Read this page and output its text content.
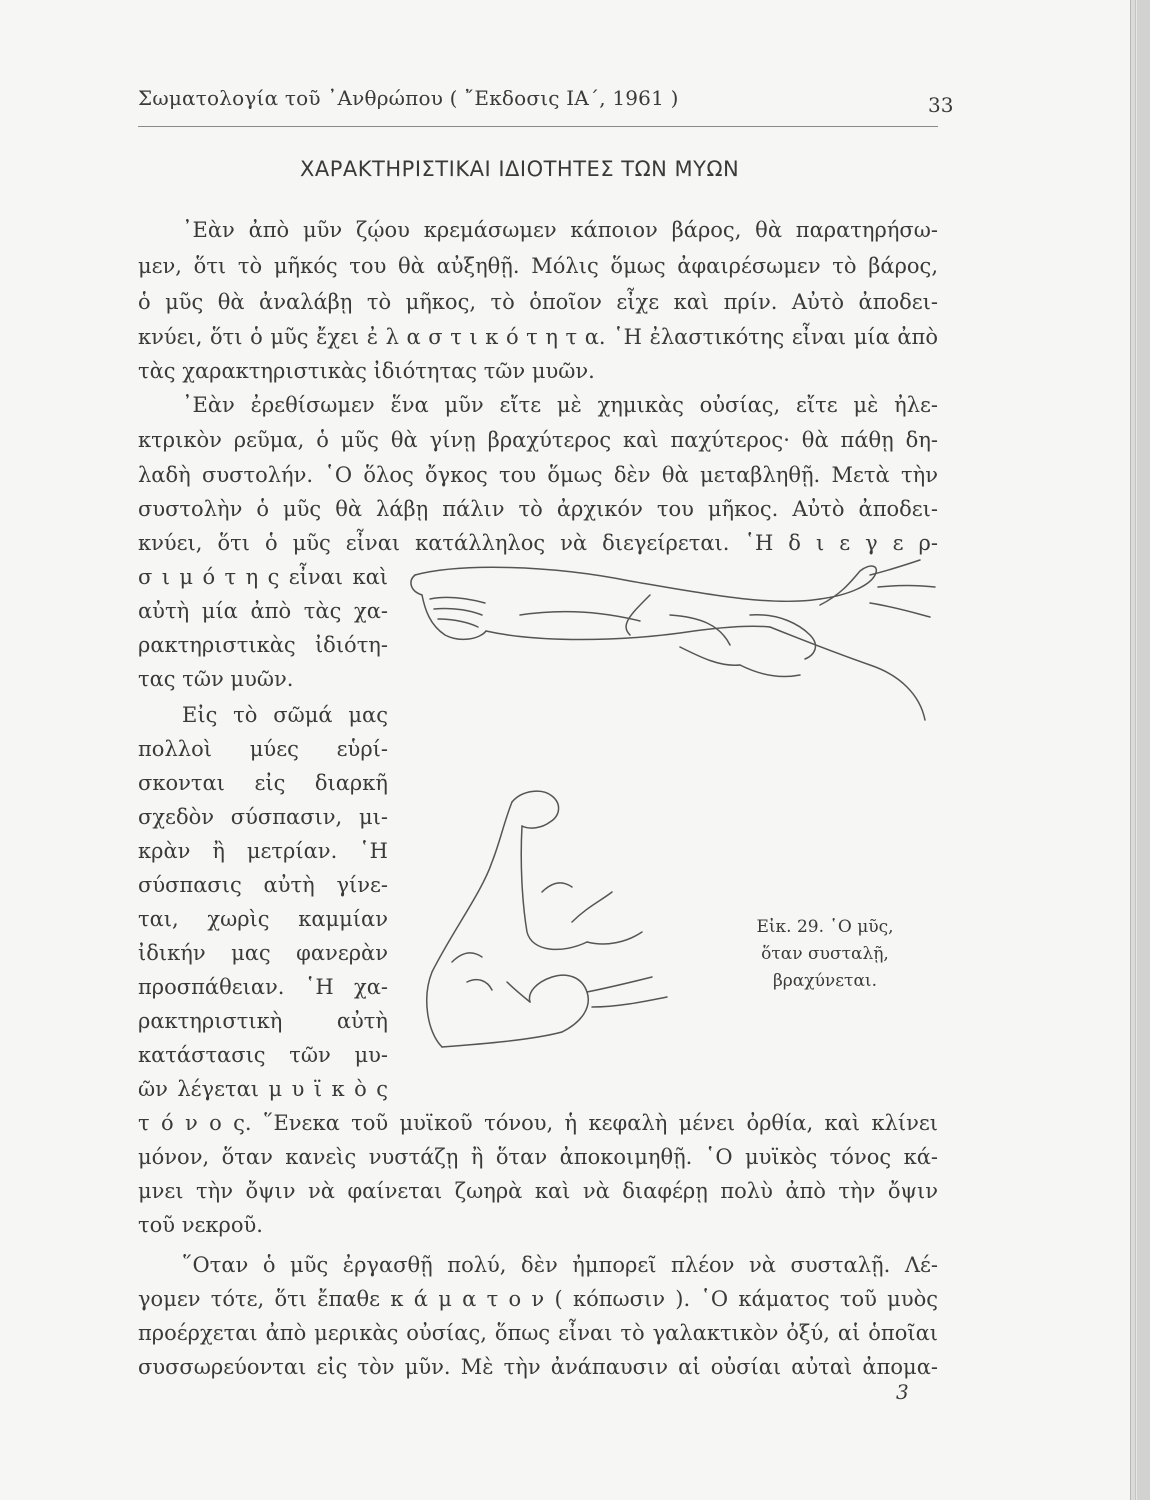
Σωματολογία τοῦ ᾿Ανθρώπου ( ῎Εκδοσις ΙΑ΄, 1961 )	33
ΧΑΡΑΚΤΗΡΙΣΤΙΚΑΙ ΙΔΙΟΤΗΤΕΣ ΤΩΝ ΜΥΩΝ
᾿Εὰν ἀπὸ μῦν ζῴου κρεμάσωμεν κάποιον βάρος, θὰ παρατηρήσω-
μεν, ὅτι τὸ μῆκός του θὰ αὐξηθῇ. Μόλις ὅμως ἀφαιρέσωμεν τὸ βάρος,
ὁ μῦς θὰ ἀναλάβῃ τὸ μῆκος, τὸ ὁποῖον εἶχε καὶ πρίν. Αὐτὸ ἀποδει-
κνύει, ὅτι ὁ μῦς ἔχει ἐ λ α σ τ ι κ ό τ η τ α. ῾Η ἐλαστικότης εἶναι μία ἀπὸ
τὰς χαρακτηριστικὰς ἰδιότητας τῶν μυῶν.
᾿Εὰν ἐρεθίσωμεν ἕνα μῦν εἴτε μὲ χημικὰς οὐσίας, εἴτε μὲ ἠλε-
κτρικὸν ρεῦμα, ὁ μῦς θὰ γίνῃ βραχύτερος καὶ παχύτερος· θὰ πάθῃ δη-
λαδὴ συστολήν. ῾Ο ὅλος ὄγκος του ὅμως δὲν θὰ μεταβληθῇ. Μετὰ τὴν
συστολὴν ὁ μῦς θὰ λάβῃ πάλιν τὸ ἀρχικόν του μῆκος. Αὐτὸ ἀποδει-
κνύει, ὅτι ὁ μῦς εἶναι κατάλληλος νὰ διεγείρεται. ῾Η δ ι ε γ ε ρ-
σ ι μ ό τ η ς εἶναι καὶ
αὐτὴ μία ἀπὸ τὰς χα-
ρακτηριστικὰς ἰδιότη-
τας τῶν μυῶν.
Εἰς τὸ σῶμά μας
πολλοὶ μύες εὑρί-
σκονται εἰς διαρκῆ
σχεδὸν σύσπασιν, μι-
κρὰν ἢ μετρίαν. ῾Η
σύσπασις αὐτὴ γίνε-
ται, χωρὶς καμμίαν
ἰδικήν μας φανερὰν
προσπάθειαν. ῾Η χα-
ρακτηριστικὴ αὐτὴ
κατάστασις τῶν μυ-
ῶν λέγεται μ υ ϊ κ ὸ ς
τ ό ν ο ς. ῞Ενεκα τοῦ μυϊκοῦ τόνου, ἡ κεφαλὴ μένει ὀρθία, καὶ κλίνει
μόνον, ὅταν κανεὶς νυστάζῃ ἢ ὅταν ἀποκοιμηθῇ. ῾Ο μυϊκὸς τόνος κά-
μνει τὴν ὄψιν νὰ φαίνεται ζωηρὰ καὶ νὰ διαφέρῃ πολὺ ἀπὸ τὴν ὄψιν
τοῦ νεκροῦ.
῞Οταν ὁ μῦς ἐργασθῇ πολύ, δὲν ἠμπορεῖ πλέον νὰ συσταλῇ. Λέ-
γομεν τότε, ὅτι ἔπαθε κ ά μ α τ ο ν ( κόπωσιν ). ῾Ο κάματος τοῦ μυὸς
προέρχεται ἀπὸ μερικὰς οὐσίας, ὅπως εἶναι τὸ γαλακτικὸν ὀξύ, αἱ ὁποῖαι
συσσωρεύονται εἰς τὸν μῦν. Μὲ τὴν ἀνάπαυσιν αἱ οὐσίαι αὐταὶ ἀπομα-
Εἰκ. 29. ῾Ο μῦς,
ὅταν συσταλῇ,
βραχύνεται.
3
